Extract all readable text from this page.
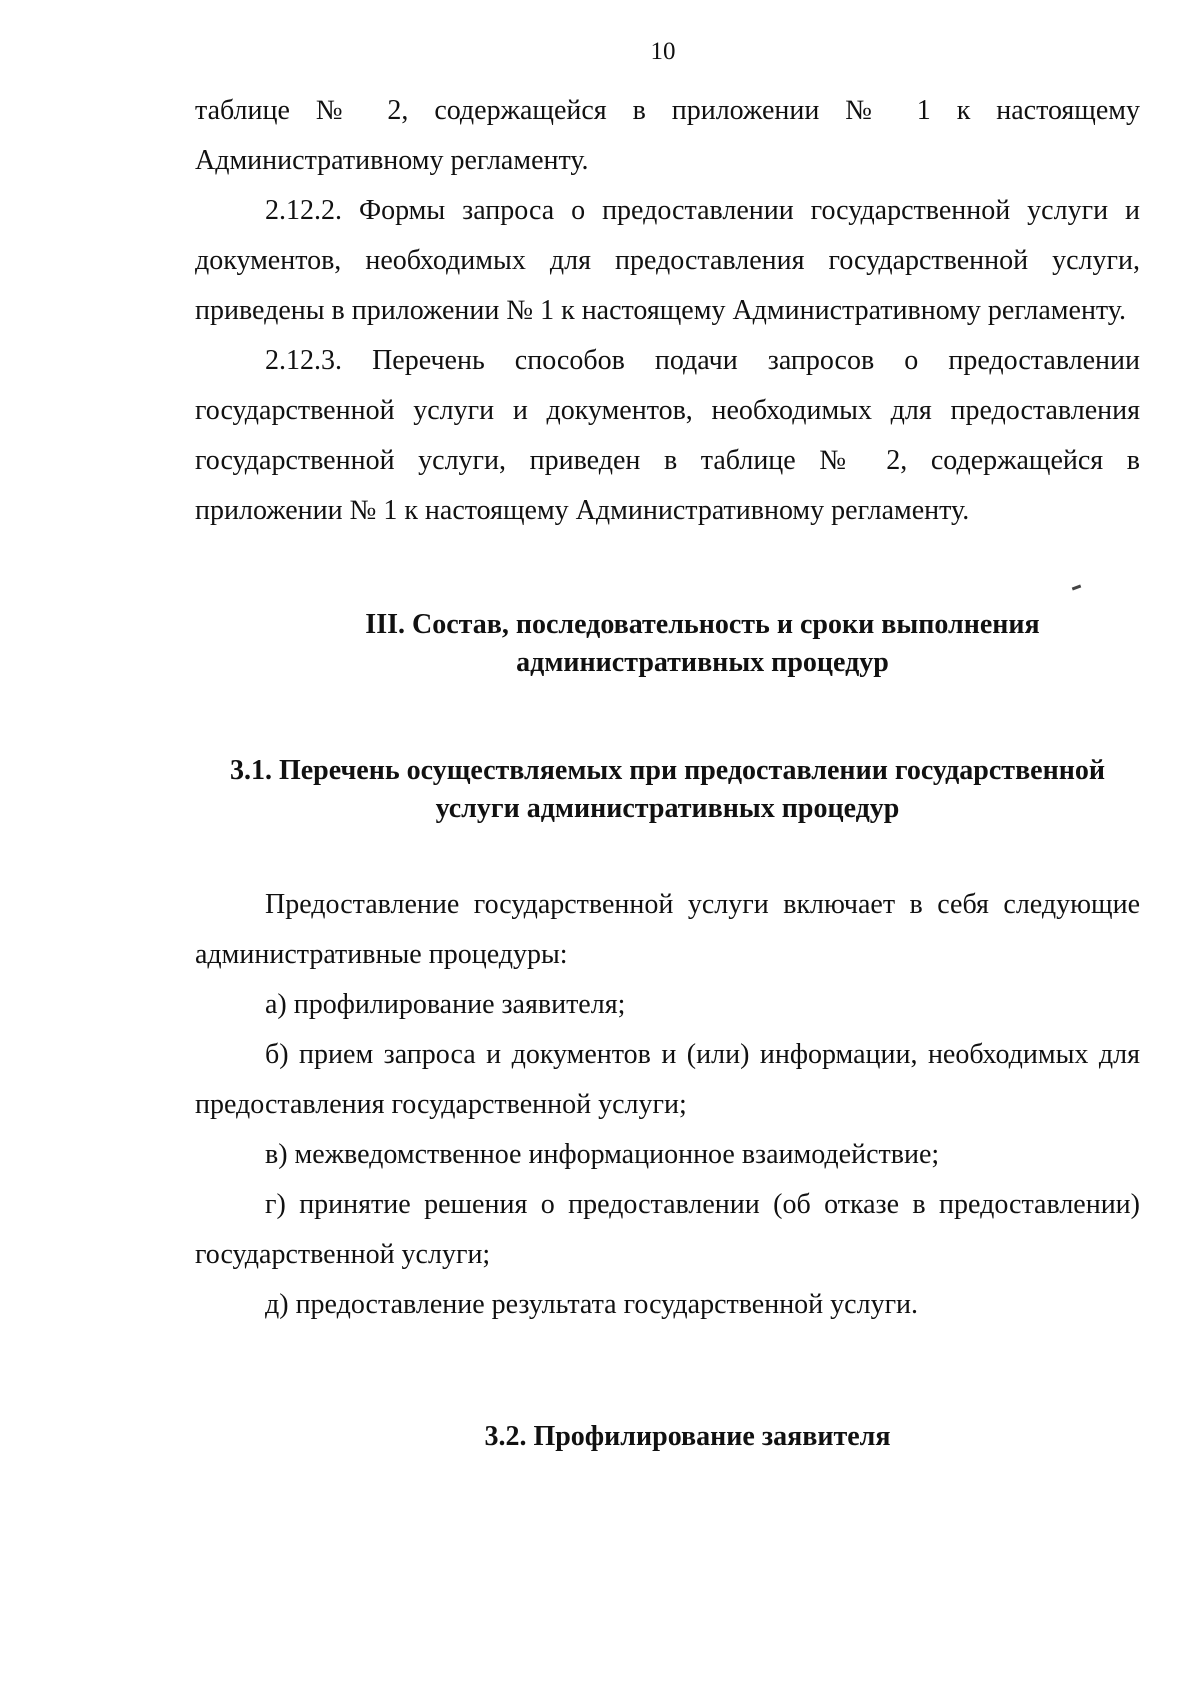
10

таблице № 2, содержащейся в приложении № 1 к настоящему Административному регламенту.

2.12.2. Формы запроса о предоставлении государственной услуги и документов, необходимых для предоставления государственной услуги, приведены в приложении № 1 к настоящему Административному регламенту.

2.12.3. Перечень способов подачи запросов о предоставлении государственной услуги и документов, необходимых для предоставления государственной услуги, приведен в таблице № 2, содержащейся в приложении № 1 к настоящему Административному регламенту.

III. Состав, последовательность и сроки выполнения
административных процедур
3.1. Перечень осуществляемых при предоставлении государственной
услуги административных процедур

Предоставление государственной услуги включает в себя следующие административные процедуры:

а) профилирование заявителя;

б) прием запроса и документов и (или) информации, необходимых для предоставления государственной услуги;

в) межведомственное информационное взаимодействие;

г) принятие решения о предоставлении (об отказе в предоставлении) государственной услуги;

д) предоставление результата государственной услуги.

3.2. Профилирование заявителя
